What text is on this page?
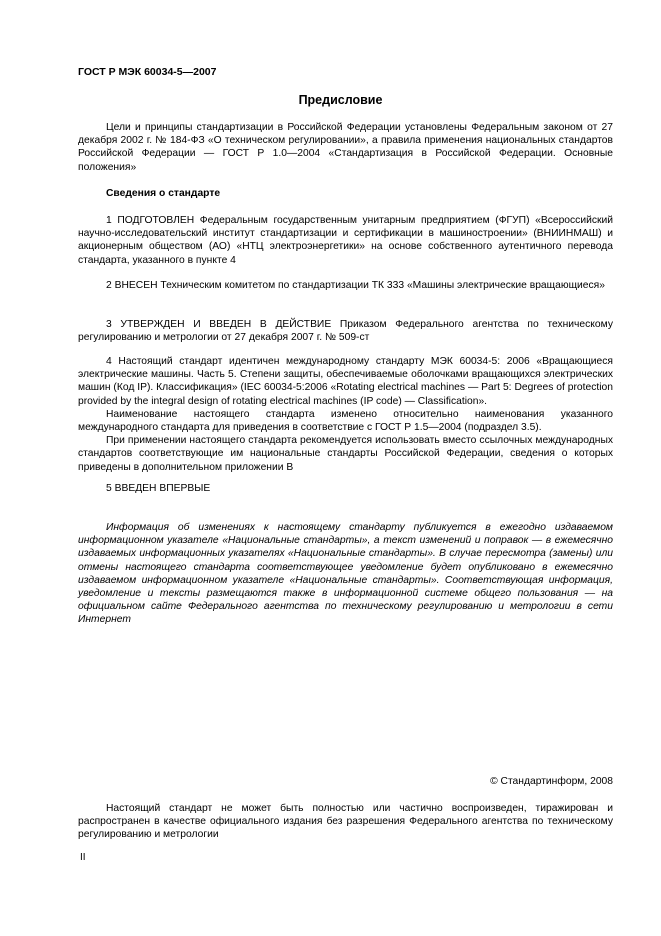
ГОСТ Р МЭК 60034-5—2007
Предисловие

Цели и принципы стандартизации в Российской Федерации установлены Федеральным законом от 27 декабря 2002 г. № 184-ФЗ «О техническом регулировании», а правила применения национальных стандартов Российской Федерации — ГОСТ Р 1.0—2004 «Стандартизация в Российской Федерации. Основные положения»

Сведения о стандарте

1 ПОДГОТОВЛЕН Федеральным государственным унитарным предприятием (ФГУП) «Всероссийский научно-исследовательский институт стандартизации и сертификации в машиностроении» (ВНИИНМАШ) и акционерным обществом (АО) «НТЦ электроэнергетики» на основе собственного аутентичного перевода стандарта, указанного в пункте 4

2 ВНЕСЕН Техническим комитетом по стандартизации ТК 333 «Машины электрические вращающиеся»

3 УТВЕРЖДЕН И ВВЕДЕН В ДЕЙСТВИЕ Приказом Федерального агентства по техническому регулированию и метрологии от 27 декабря 2007 г. № 509-ст

4 Настоящий стандарт идентичен международному стандарту МЭК 60034-5: 2006 «Вращающиеся электрические машины. Часть 5. Степени защиты, обеспечиваемые оболочками вращающихся электрических машин (Код IP). Классификация» (IEC 60034-5:2006 «Rotating electrical machines — Part 5: Degrees of protection provided by the integral design of rotating electrical machines (IP code) — Classification».

Наименование настоящего стандарта изменено относительно наименования указанного международного стандарта для приведения в соответствие с ГОСТ Р 1.5—2004 (подраздел 3.5).

При применении настоящего стандарта рекомендуется использовать вместо ссылочных международных стандартов соответствующие им национальные стандарты Российской Федерации, сведения о которых приведены в дополнительном приложении В

5 ВВЕДЕН ВПЕРВЫЕ

Информация об изменениях к настоящему стандарту публикуется в ежегодно издаваемом информационном указателе «Национальные стандарты», а текст изменений и поправок — в ежемесячно издаваемых информационных указателях «Национальные стандарты». В случае пересмотра (замены) или отмены настоящего стандарта соответствующее уведомление будет опубликовано в ежемесячно издаваемом информационном указателе «Национальные стандарты». Соответствующая информация, уведомление и тексты размещаются также в информационной системе общего пользования — на официальном сайте Федерального агентства по техническому регулированию и метрологии в сети Интернет

© Стандартинформ, 2008

Настоящий стандарт не может быть полностью или частично воспроизведен, тиражирован и распространен в качестве официального издания без разрешения Федерального агентства по техническому регулированию и метрологии

II
